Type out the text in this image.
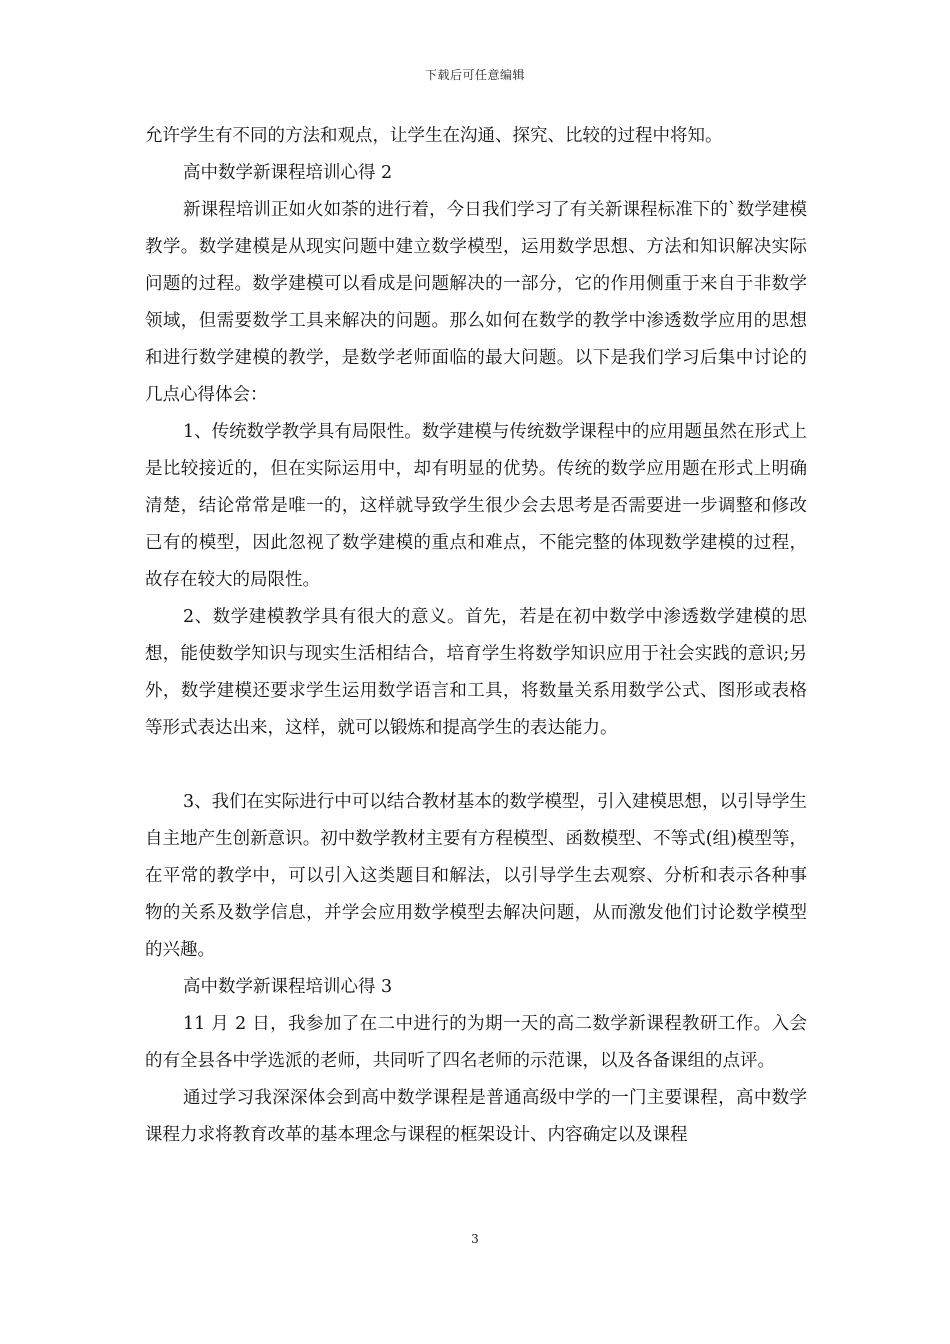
下载后可任意编辑

允许学生有不同的方法和观点，让学生在沟通、探究、比较的过程中将知。

高中数学新课程培训心得 2

新课程培训正如火如荼的进行着，今日我们学习了有关新课程标准下的`数学建模教学。数学建模是从现实问题中建立数学模型，运用数学思想、方法和知识解决实际问题的过程。数学建模可以看成是问题解决的一部分，它的作用侧重于来自于非数学领域，但需要数学工具来解决的问题。那么如何在数学的教学中渗透数学应用的思想和进行数学建模的教学，是数学老师面临的最大问题。以下是我们学习后集中讨论的几点心得体会：

1、传统数学教学具有局限性。数学建模与传统数学课程中的应用题虽然在形式上是比较接近的，但在实际运用中，却有明显的优势。传统的数学应用题在形式上明确清楚，结论常常是唯一的，这样就导致学生很少会去思考是否需要进一步调整和修改已有的模型，因此忽视了数学建模的重点和难点，不能完整的体现数学建模的过程，故存在较大的局限性。

2、数学建模教学具有很大的意义。首先，若是在初中数学中渗透数学建模的思想，能使数学知识与现实生活相结合，培育学生将数学知识应用于社会实践的意识;另外，数学建模还要求学生运用数学语言和工具，将数量关系用数学公式、图形或表格等形式表达出来，这样，就可以锻炼和提高学生的表达能力。

3、我们在实际进行中可以结合教材基本的数学模型，引入建模思想，以引导学生自主地产生创新意识。初中数学教材主要有方程模型、函数模型、不等式(组)模型等，在平常的教学中，可以引入这类题目和解法，以引导学生去观察、分析和表示各种事物的关系及数学信息，并学会应用数学模型去解决问题，从而激发他们讨论数学模型的兴趣。

高中数学新课程培训心得 3

11 月 2 日，我参加了在二中进行的为期一天的高二数学新课程教研工作。入会的有全县各中学选派的老师，共同听了四名老师的示范课，以及各备课组的点评。

通过学习我深深体会到高中数学课程是普通高级中学的一门主要课程，高中数学课程力求将教育改革的基本理念与课程的框架设计、内容确定以及课程

3
